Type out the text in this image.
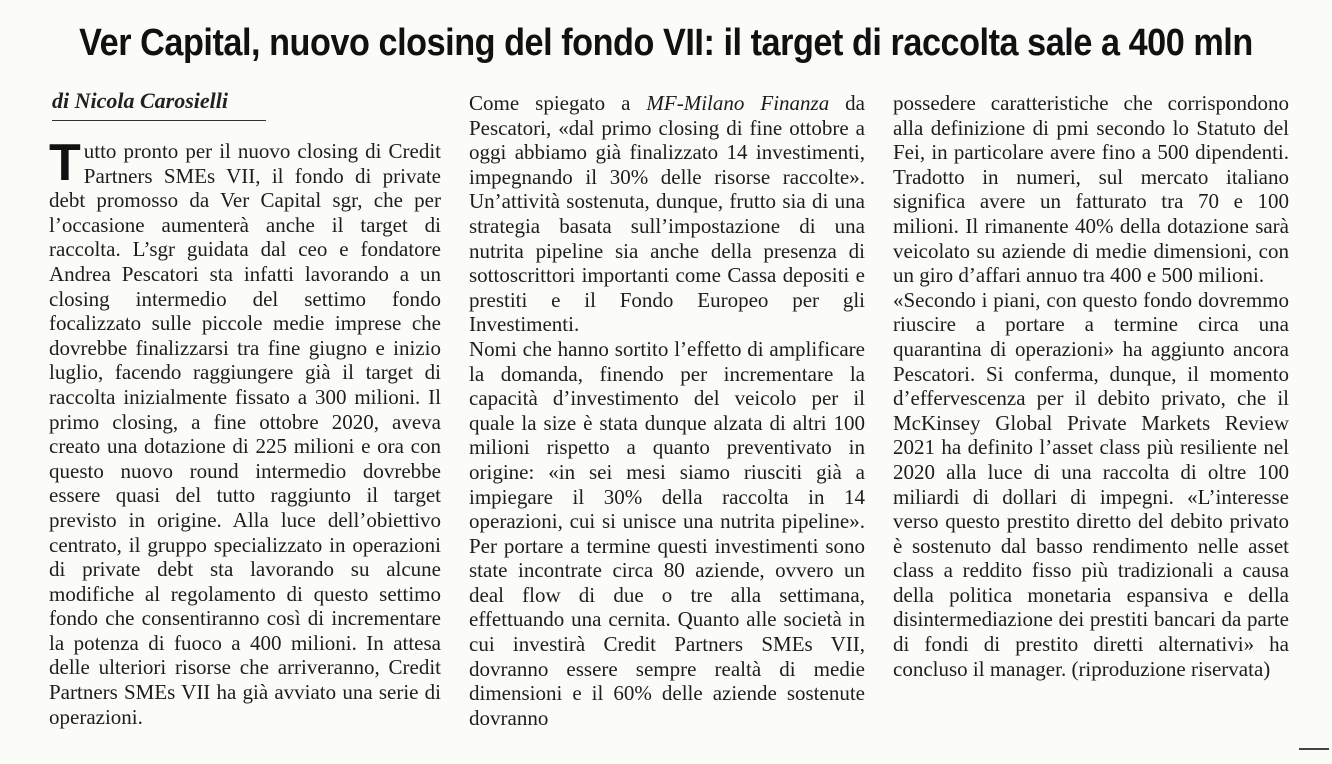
Ver Capital, nuovo closing del fondo VII: il target di raccolta sale a 400 mln
di Nicola Carosielli

Tutto pronto per il nuovo closing di Credit Partners SMEs VII, il fondo di private debt promosso da Ver Capital sgr, che per l’occasione aumenterà anche il target di raccolta. L’sgr guidata dal ceo e fondatore Andrea Pescatori sta infatti lavorando a un closing intermedio del settimo fondo focalizzato sulle piccole medie imprese che dovrebbe finalizzarsi tra fine giugno e inizio luglio, facendo raggiungere già il target di raccolta inizialmente fissato a 300 milioni. Il primo closing, a fine ottobre 2020, aveva creato una dotazione di 225 milioni e ora con questo nuovo round intermedio dovrebbe essere quasi del tutto raggiunto il target previsto in origine. Alla luce dell’obiettivo centrato, il gruppo specializzato in operazioni di private debt sta lavorando su alcune modifiche al regolamento di questo settimo fondo che consentiranno così di incrementare la potenza di fuoco a 400 milioni. In attesa delle ulteriori risorse che arriveranno, Credit Partners SMEs VII ha già avviato una serie di operazioni.

Come spiegato a MF-Milano Finanza da Pescatori, «dal primo closing di fine ottobre a oggi abbiamo già finalizzato 14 investimenti, impegnando il 30% delle risorse raccolte». Un’attività sostenuta, dunque, frutto sia di una strategia basata sull’impostazione di una nutrita pipeline sia anche della presenza di sottoscrittori importanti come Cassa depositi e prestiti e il Fondo Europeo per gli Investimenti.

Nomi che hanno sortito l’effetto di amplificare la domanda, finendo per incrementare la capacità d’investimento del veicolo per il quale la size è stata dunque alzata di altri 100 milioni rispetto a quanto preventivato in origine: «in sei mesi siamo riusciti già a impiegare il 30% della raccolta in 14 operazioni, cui si unisce una nutrita pipeline». Per portare a termine questi investimenti sono state incontrate circa 80 aziende, ovvero un deal flow di due o tre alla settimana, effettuando una cernita. Quanto alle società in cui investirà Credit Partners SMEs VII, dovranno essere sempre realtà di medie dimensioni e il 60% delle aziende sostenute dovranno

possedere caratteristiche che corrispondono alla definizione di pmi secondo lo Statuto del Fei, in particolare avere fino a 500 dipendenti. Tradotto in numeri, sul mercato italiano significa avere un fatturato tra 70 e 100 milioni. Il rimanente 40% della dotazione sarà veicolato su aziende di medie dimensioni, con un giro d’affari annuo tra 400 e 500 milioni.

«Secondo i piani, con questo fondo dovremmo riuscire a portare a termine circa una quarantina di operazioni» ha aggiunto ancora Pescatori. Si conferma, dunque, il momento d’effervescenza per il debito privato, che il McKinsey Global Private Markets Review 2021 ha definito l’asset class più resiliente nel 2020 alla luce di una raccolta di oltre 100 miliardi di dollari di impegni. «L’interesse verso questo prestito diretto del debito privato è sostenuto dal basso rendimento nelle asset class a reddito fisso più tradizionali a causa della politica monetaria espansiva e della disintermediazione dei prestiti bancari da parte di fondi di prestito diretti alternativi» ha concluso il manager. (riproduzione riservata)
